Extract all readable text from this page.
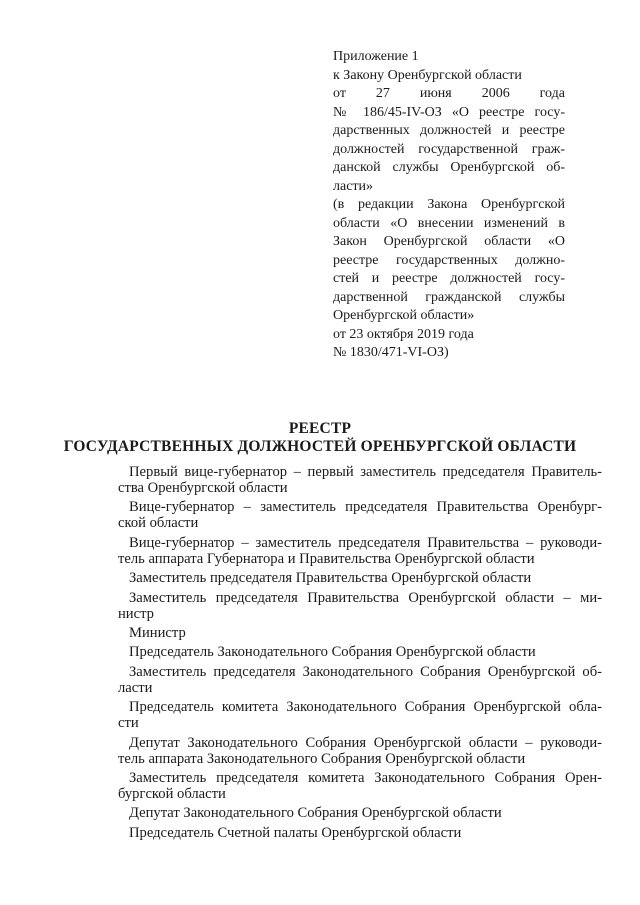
Приложение 1
к Закону Оренбургской области
от 27 июня 2006 года
№ 186/45-IV-ОЗ «О реестре госу-
дарственных должностей и реестре
должностей государственной граж-
данской службы Оренбургской об-
ласти»
(в редакции Закона Оренбургской
области «О внесении изменений в
Закон Оренбургской области «О
реестре государственных должно-
стей и реестре должностей госу-
дарственной гражданской службы
Оренбургской области»
от 23 октября 2019 года
№ 1830/471-VI-ОЗ)
РЕЕСТР
ГОСУДАРСТВЕННЫХ ДОЛЖНОСТЕЙ ОРЕНБУРГСКОЙ ОБЛАСТИ
Первый вице-губернатор – первый заместитель председателя Правитель-
ства Оренбургской области
Вице-губернатор – заместитель председателя Правительства Оренбург-
ской области
Вице-губернатор – заместитель председателя Правительства – руководи-
тель аппарата Губернатора и Правительства Оренбургской области
Заместитель председателя Правительства Оренбургской области
Заместитель председателя Правительства Оренбургской области – ми-
нистр
Министр
Председатель Законодательного Собрания Оренбургской области
Заместитель председателя Законодательного Собрания Оренбургской об-
ласти
Председатель комитета Законодательного Собрания Оренбургской обла-
сти
Депутат Законодательного Собрания Оренбургской области – руководи-
тель аппарата Законодательного Собрания Оренбургской области
Заместитель председателя комитета Законодательного Собрания Орен-
бургской области
Депутат Законодательного Собрания Оренбургской области
Председатель Счетной палаты Оренбургской области
